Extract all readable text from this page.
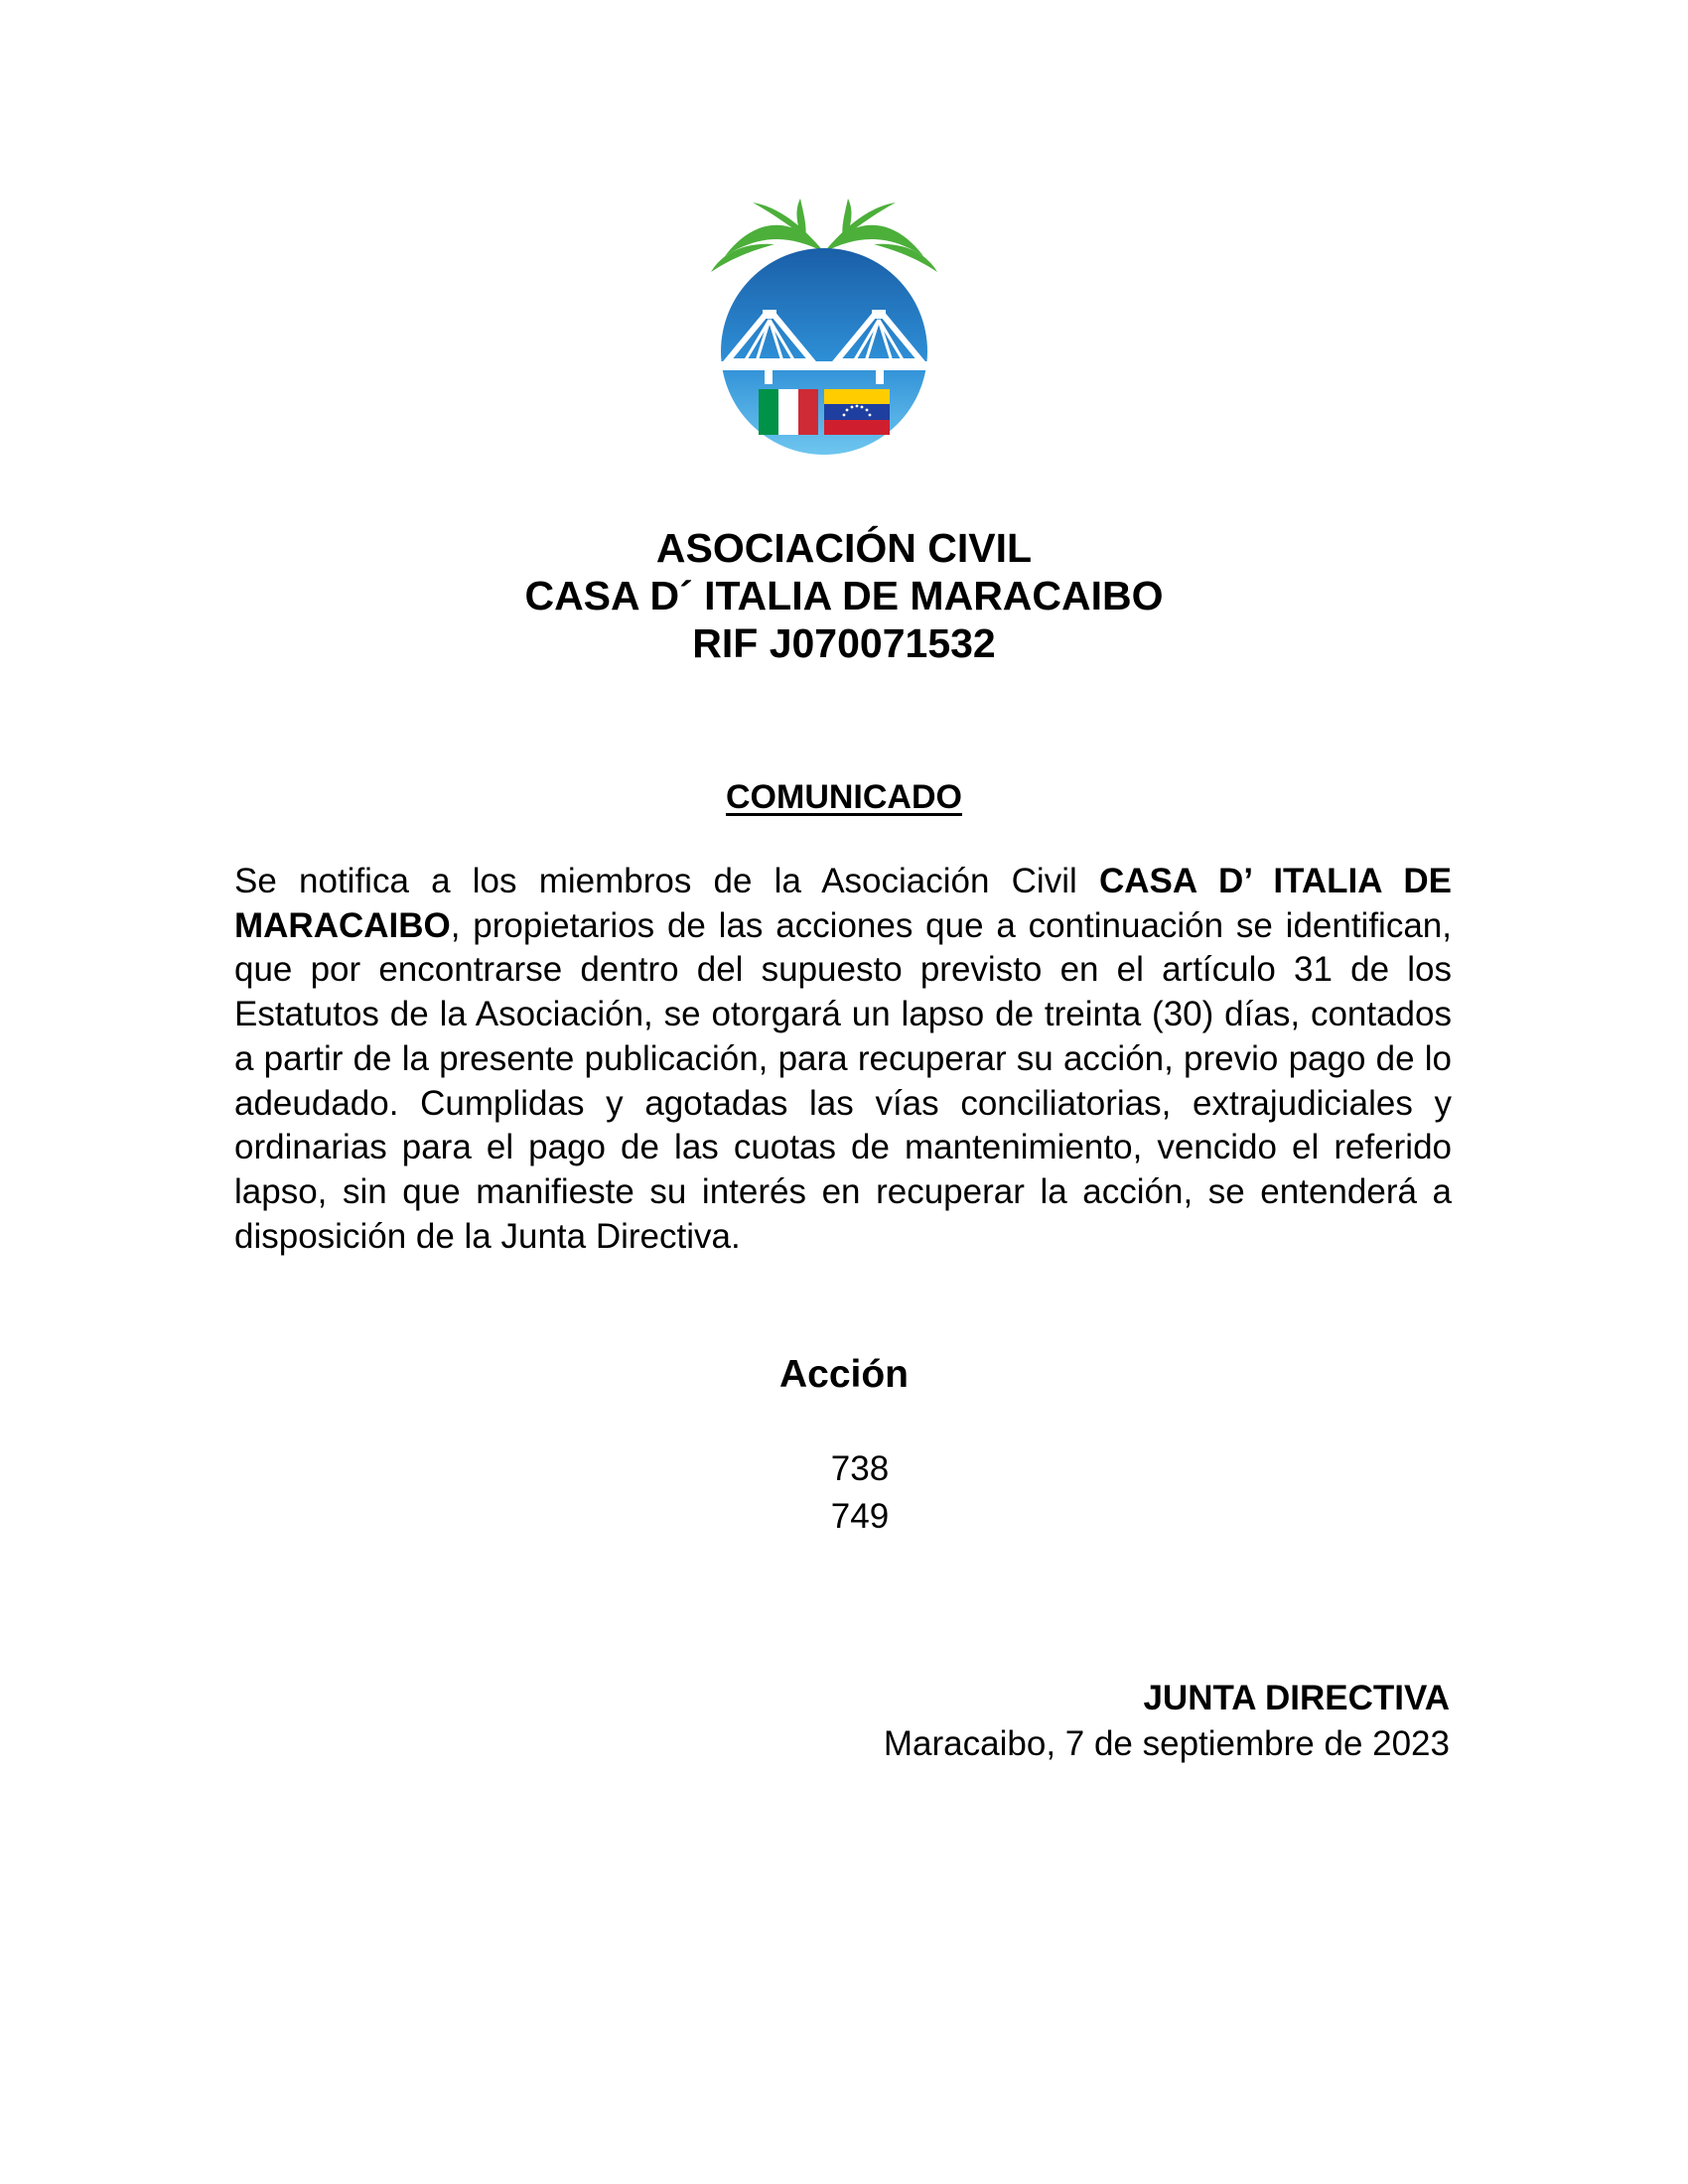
ASOCIACIÓN CIVIL
CASA D´ ITALIA DE MARACAIBO
RIF J070071532
COMUNICADO

Se notifica a los miembros de la Asociación Civil CASA D’ ITALIA DE MARACAIBO, propietarios de las acciones que a continuación se identifican, que por encontrarse dentro del supuesto previsto en el artículo 31 de los Estatutos de la Asociación, se otorgará un lapso de treinta (30) días, contados a partir de la presente publicación, para recuperar su acción, previo pago de lo adeudado. Cumplidas y agotadas las vías conciliatorias, extrajudiciales y ordinarias para el pago de las cuotas de mantenimiento, vencido el referido lapso, sin que manifieste su interés en recuperar la acción, se entenderá a disposición de la Junta Directiva.

Acción
738
749
JUNTA DIRECTIVA
Maracaibo, 7 de septiembre de 2023
